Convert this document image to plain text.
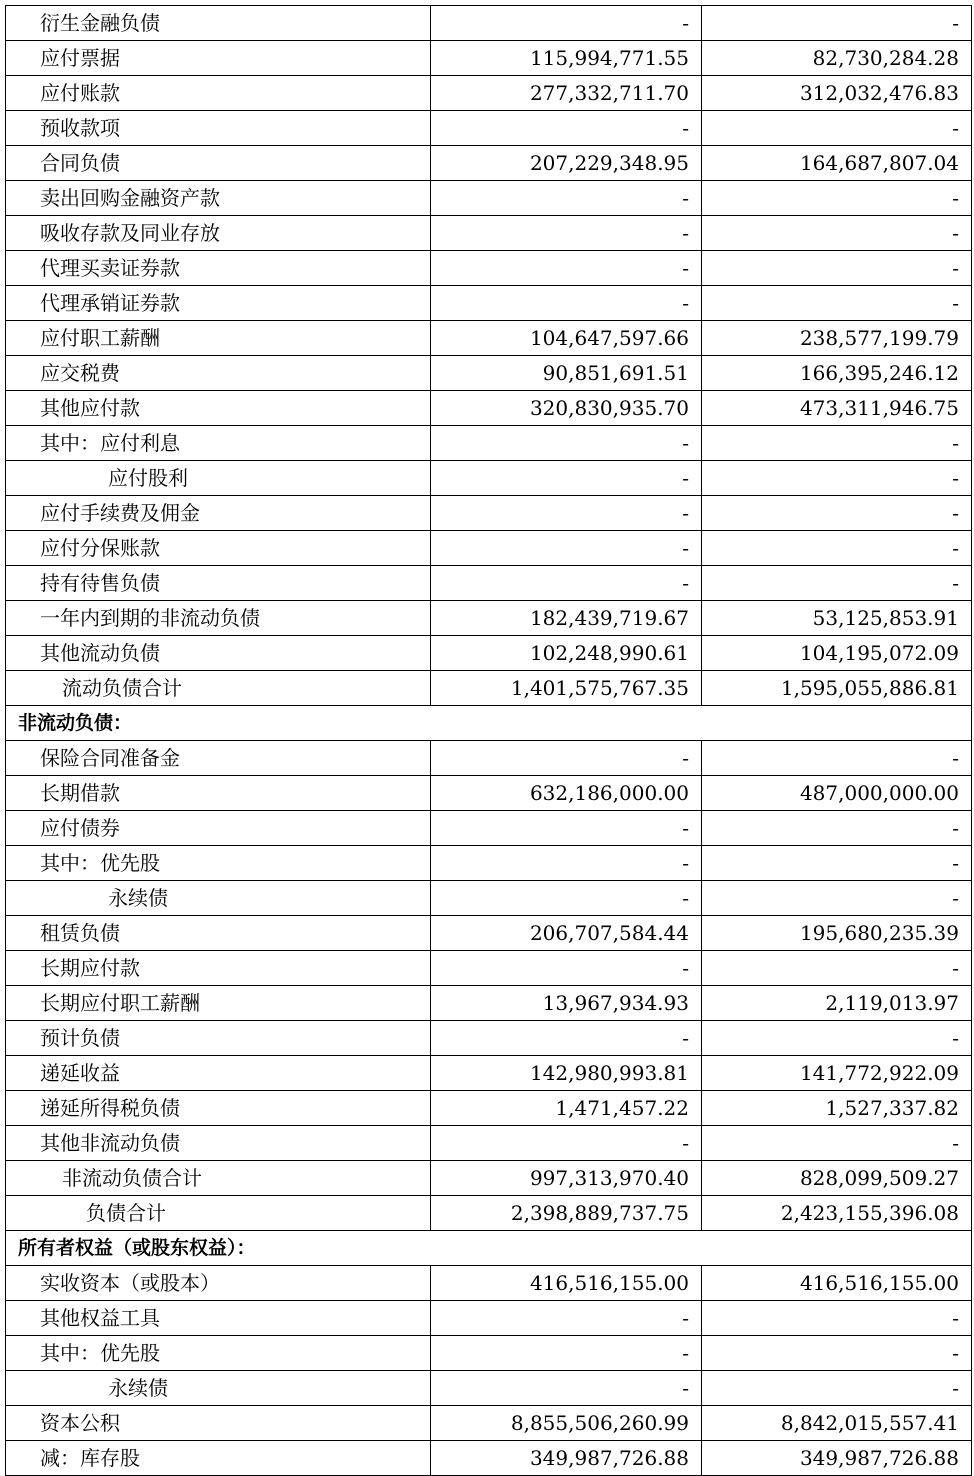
衍生金融负债	-	-
应付票据	115,994,771.55	82,730,284.28
应付账款	277,332,711.70	312,032,476.83
预收款项	-	-
合同负债	207,229,348.95	164,687,807.04
卖出回购金融资产款	-	-
吸收存款及同业存放	-	-
代理买卖证券款	-	-
代理承销证券款	-	-
应付职工薪酬	104,647,597.66	238,577,199.79
应交税费	90,851,691.51	166,395,246.12
其他应付款	320,830,935.70	473,311,946.75
其中：应付利息	-	-
应付股利	-	-
应付手续费及佣金	-	-
应付分保账款	-	-
持有待售负债	-	-
一年内到期的非流动负债	182,439,719.67	53,125,853.91
其他流动负债	102,248,990.61	104,195,072.09
流动负债合计	1,401,575,767.35	1,595,055,886.81
非流动负债：
保险合同准备金	-	-
长期借款	632,186,000.00	487,000,000.00
应付债券	-	-
其中：优先股	-	-
永续债	-	-
租赁负债	206,707,584.44	195,680,235.39
长期应付款	-	-
长期应付职工薪酬	13,967,934.93	2,119,013.97
预计负债	-	-
递延收益	142,980,993.81	141,772,922.09
递延所得税负债	1,471,457.22	1,527,337.82
其他非流动负债	-	-
非流动负债合计	997,313,970.40	828,099,509.27
负债合计	2,398,889,737.75	2,423,155,396.08
所有者权益（或股东权益）：
实收资本（或股本）	416,516,155.00	416,516,155.00
其他权益工具	-	-
其中：优先股	-	-
永续债	-	-
资本公积	8,855,506,260.99	8,842,015,557.41
减：库存股	349,987,726.88	349,987,726.88
